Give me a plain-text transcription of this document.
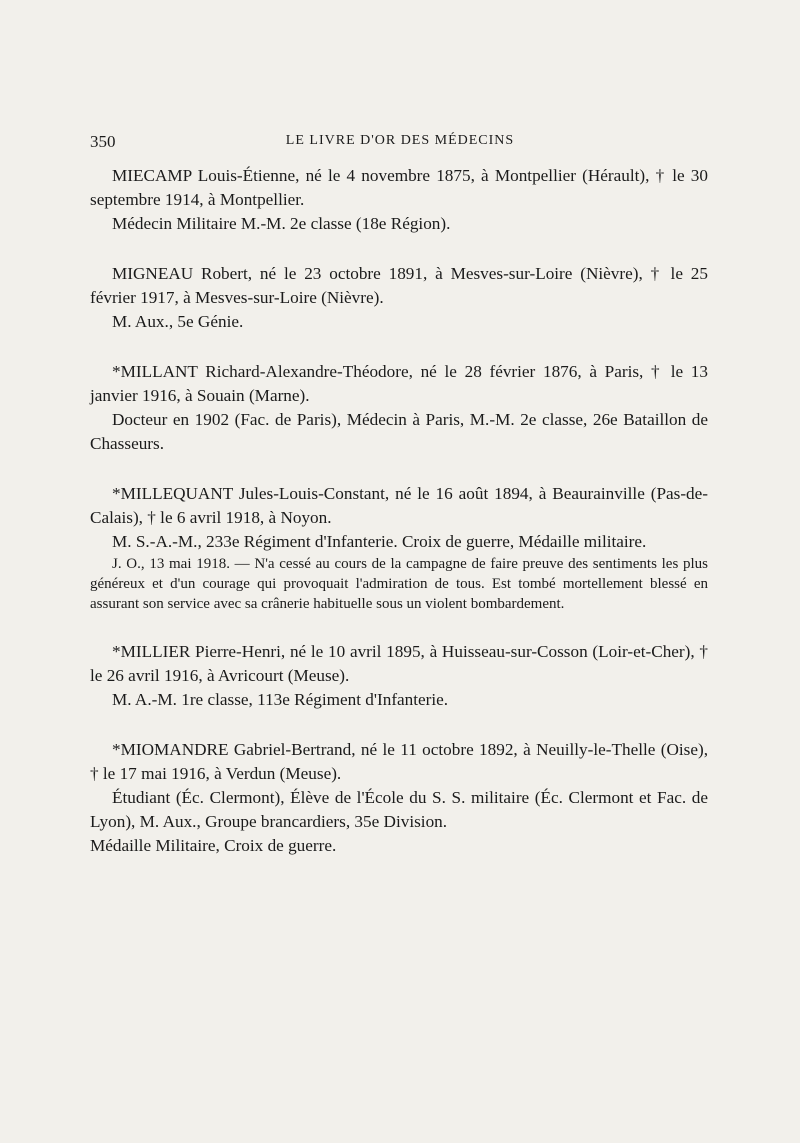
350	LE LIVRE D'OR DES MÉDECINS

MIECAMP Louis-Étienne, né le 4 novembre 1875, à Montpellier (Hérault), † le 30 septembre 1914, à Montpellier.

Médecin Militaire M.-M. 2e classe (18e Région).

MIGNEAU Robert, né le 23 octobre 1891, à Mesves-sur-Loire (Nièvre), † le 25 février 1917, à Mesves-sur-Loire (Nièvre).

M. Aux., 5e Génie.

*MILLANT Richard-Alexandre-Théodore, né le 28 février 1876, à Paris, † le 13 janvier 1916, à Souain (Marne).

Docteur en 1902 (Fac. de Paris), Médecin à Paris, M.-M. 2e classe, 26e Bataillon de Chasseurs.

*MILLEQUANT Jules-Louis-Constant, né le 16 août 1894, à Beaurainville (Pas-de-Calais), † le 6 avril 1918, à Noyon.

M. S.-A.-M., 233e Régiment d'Infanterie. Croix de guerre, Médaille militaire.

J. O., 13 mai 1918. — N'a cessé au cours de la campagne de faire preuve des sentiments les plus généreux et d'un courage qui provoquait l'admiration de tous. Est tombé mortellement blessé en assurant son service avec sa crânerie habituelle sous un violent bombardement.

*MILLIER Pierre-Henri, né le 10 avril 1895, à Huisseau-sur-Cosson (Loir-et-Cher), † le 26 avril 1916, à Avricourt (Meuse).

M. A.-M. 1re classe, 113e Régiment d'Infanterie.

*MIOMANDRE Gabriel-Bertrand, né le 11 octobre 1892, à Neuilly-le-Thelle (Oise), † le 17 mai 1916, à Verdun (Meuse).

Étudiant (Éc. Clermont), Élève de l'École du S. S. militaire (Éc. Clermont et Fac. de Lyon), M. Aux., Groupe brancardiers, 35e Division.

Médaille Militaire, Croix de guerre.
